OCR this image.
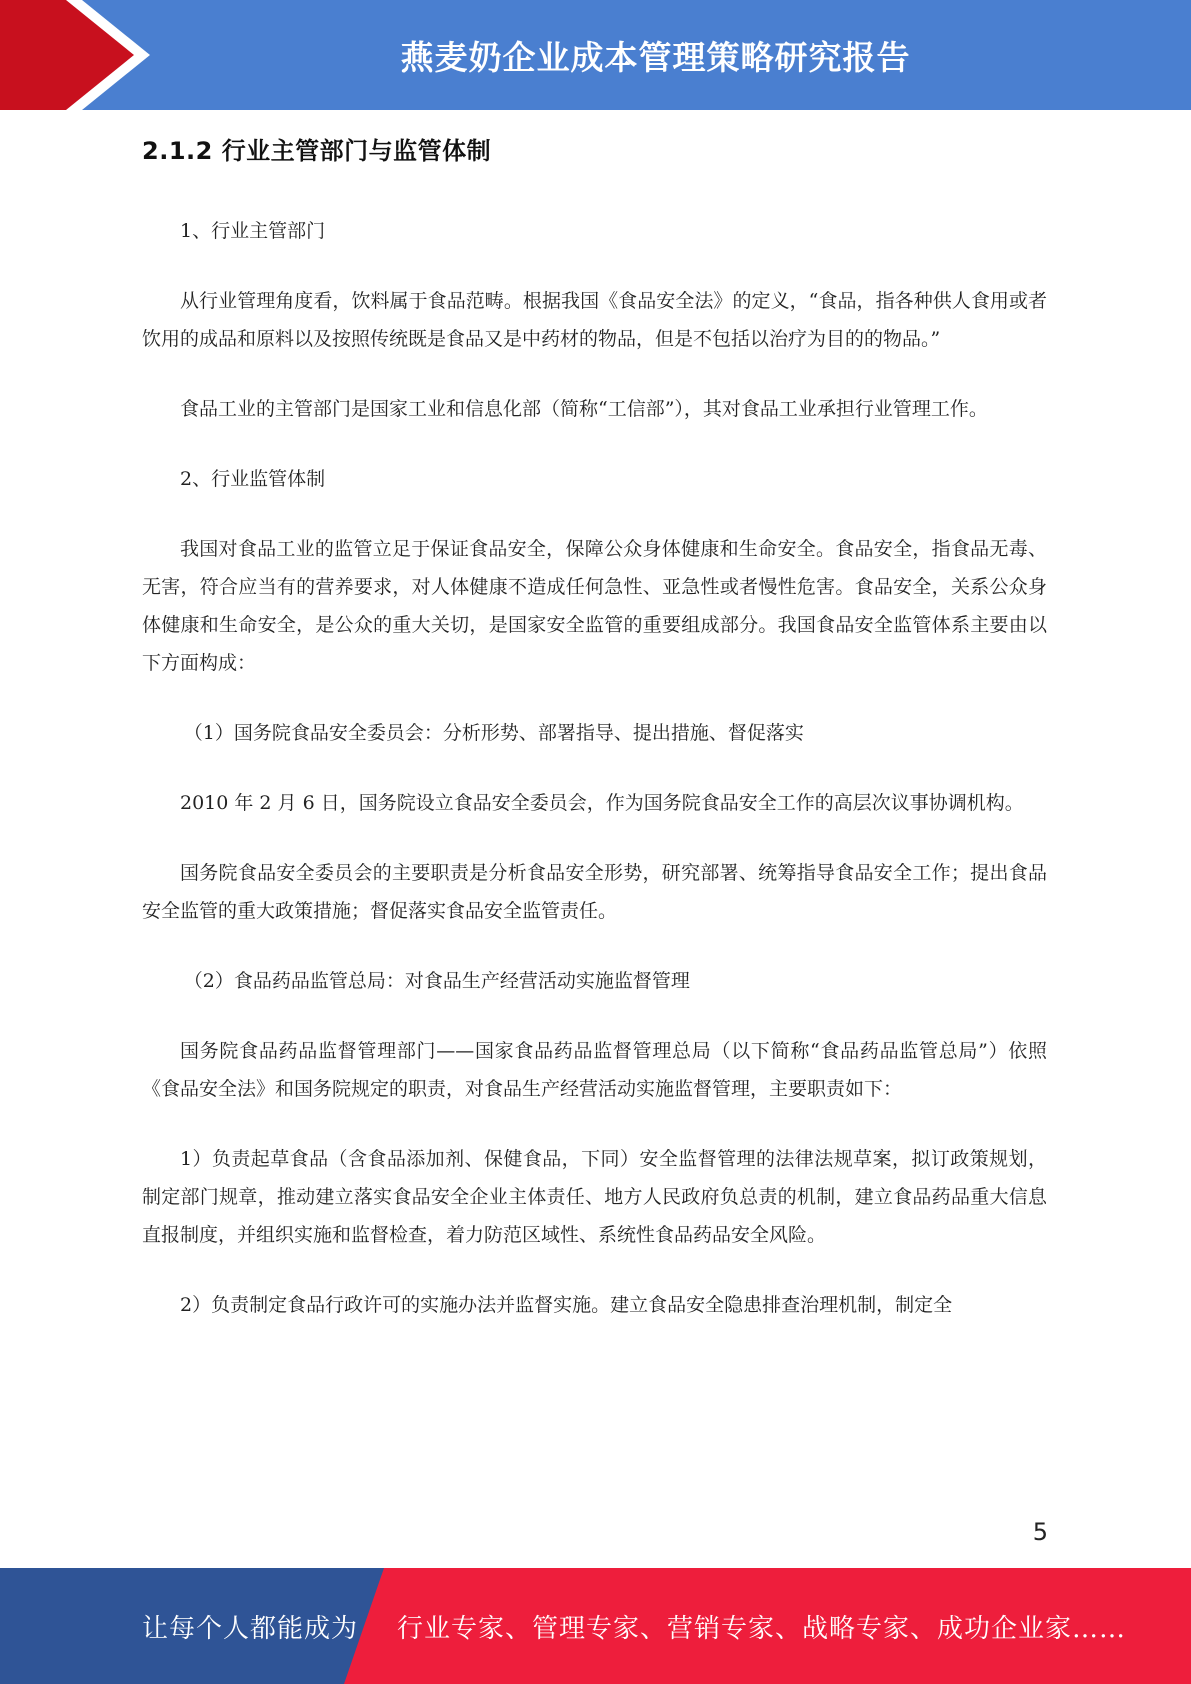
燕麦奶企业成本管理策略研究报告
2.1.2 行业主管部门与监管体制

1、行业主管部门

从行业管理角度看，饮料属于食品范畴。根据我国《食品安全法》的定义，“食品，指各种供人食用或者饮用的成品和原料以及按照传统既是食品又是中药材的物品，但是不包括以治疗为目的的物品。”

食品工业的主管部门是国家工业和信息化部（简称“工信部”），其对食品工业承担行业管理工作。

2、行业监管体制

我国对食品工业的监管立足于保证食品安全，保障公众身体健康和生命安全。食品安全，指食品无毒、无害，符合应当有的营养要求，对人体健康不造成任何急性、亚急性或者慢性危害。食品安全，关系公众身体健康和生命安全，是公众的重大关切，是国家安全监管的重要组成部分。我国食品安全监管体系主要由以下方面构成：

（1）国务院食品安全委员会：分析形势、部署指导、提出措施、督促落实

2010 年 2 月 6 日，国务院设立食品安全委员会，作为国务院食品安全工作的高层次议事协调机构。

国务院食品安全委员会的主要职责是分析食品安全形势，研究部署、统筹指导食品安全工作；提出食品安全监管的重大政策措施；督促落实食品安全监管责任。

（2）食品药品监管总局：对食品生产经营活动实施监督管理

国务院食品药品监督管理部门——国家食品药品监督管理总局（以下简称“食品药品监管总局”）依照《食品安全法》和国务院规定的职责，对食品生产经营活动实施监督管理，主要职责如下：

1）负责起草食品（含食品添加剂、保健食品，下同）安全监督管理的法律法规草案，拟订政策规划，制定部门规章，推动建立落实食品安全企业主体责任、地方人民政府负总责的机制，建立食品药品重大信息直报制度，并组织实施和监督检查，着力防范区域性、系统性食品药品安全风险。

2）负责制定食品行政许可的实施办法并监督实施。建立食品安全隐患排查治理机制，制定全

5
让每个人都能成为 行业专家、管理专家、营销专家、战略专家、成功企业家……
